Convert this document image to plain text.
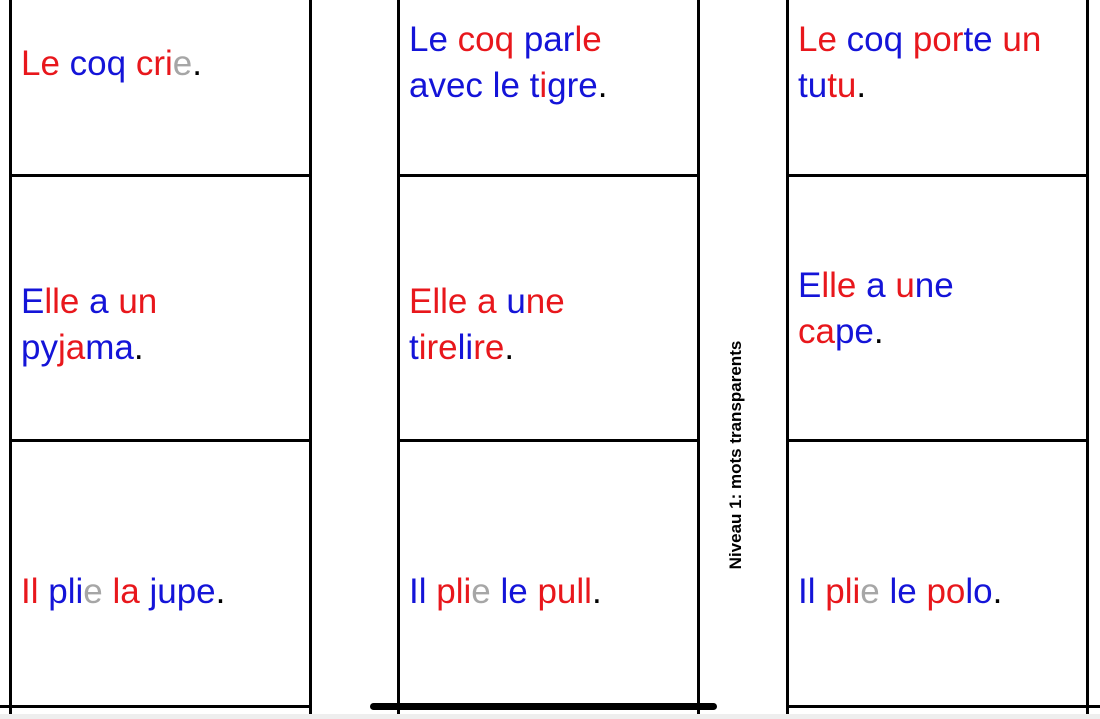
Le coq crie.
Le coq parle
avec le tigre.
Le coq porte un
tutu.
Elle a un
pyjama.
Elle a une
tirelire.
Elle a une
cape.
Il plie la jupe.	Il plie le pull.	Il plie le polo.
Niveau 1: mots transparents
